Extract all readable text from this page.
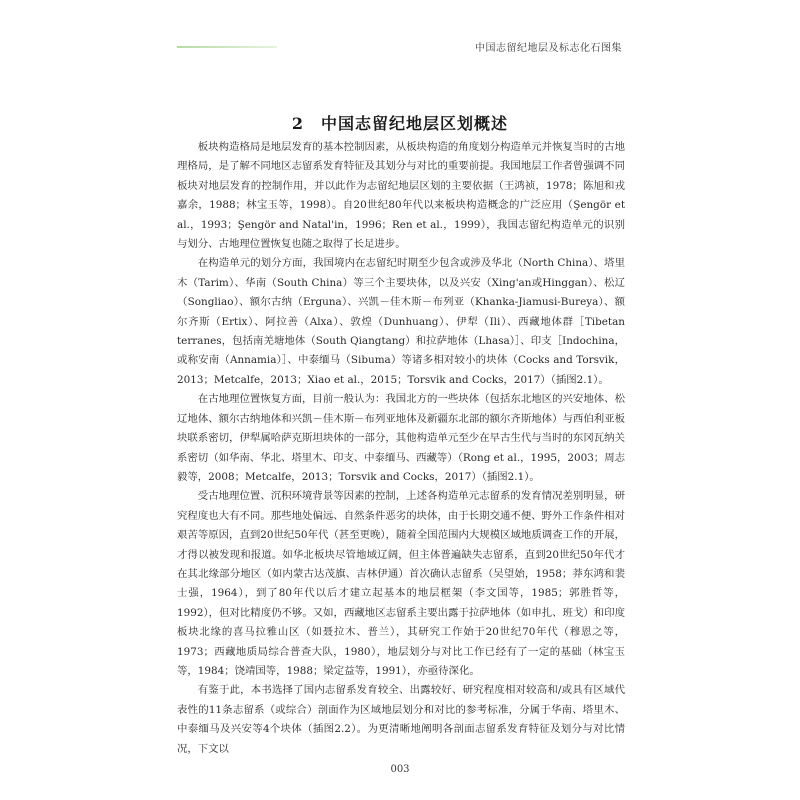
中国志留纪地层及标志化石图集
2　中国志留纪地层区划概述

板块构造格局是地层发育的基本控制因素，从板块构造的角度划分构造单元并恢复当时的古地理格局，是了解不同地区志留系发育特征及其划分与对比的重要前提。我国地层工作者曾强调不同板块对地层发育的控制作用，并以此作为志留纪地层区划的主要依据（王鸿祯，1978；陈旭和戎嘉余，1988；林宝玉等，1998）。自20世纪80年代以来板块构造概念的广泛应用（Şengör et al.，1993；Şengör and Natal'in，1996；Ren et al.，1999），我国志留纪构造单元的识别与划分、古地理位置恢复也随之取得了长足进步。

在构造单元的划分方面，我国境内在志留纪时期至少包含或涉及华北（North China）、塔里木（Tarim）、华南（South China）等三个主要块体，以及兴安（Xing'an或Hinggan）、松辽（Songliao）、额尔古纳（Erguna）、兴凯－佳木斯－布列亚（Khanka-Jiamusi-Bureya）、额尔齐斯（Ertix）、阿拉善（Alxa）、敦煌（Dunhuang）、伊犁（Ili）、西藏地体群［Tibetan terranes，包括南羌塘地体（South Qiangtang）和拉萨地体（Lhasa）］、印支［Indochina，或称安南（Annamia）］、中泰缅马（Sibuma）等诸多相对较小的块体（Cocks and Torsvik，2013；Metcalfe，2013；Xiao et al.，2015；Torsvik and Cocks，2017）（插图2.1）。

在古地理位置恢复方面，目前一般认为：我国北方的一些块体（包括东北地区的兴安地体、松辽地体、额尔古纳地体和兴凯－佳木斯－布列亚地体及新疆东北部的额尔齐斯地体）与西伯利亚板块联系密切，伊犁属哈萨克斯坦块体的一部分，其他构造单元至少在早古生代与当时的东冈瓦纳关系密切（如华南、华北、塔里木、印支、中泰缅马、西藏等）（Rong et al.，1995，2003；周志毅等，2008；Metcalfe，2013；Torsvik and Cocks，2017）（插图2.1）。

受古地理位置、沉积环境背景等因素的控制，上述各构造单元志留系的发育情况差别明显，研究程度也大有不同。那些地处偏远、自然条件恶劣的块体，由于长期交通不便、野外工作条件相对艰苦等原因，直到20世纪50年代（甚至更晚），随着全国范围内大规模区域地质调查工作的开展，才得以被发现和报道。如华北板块尽管地域辽阔，但主体普遍缺失志留系，直到20世纪50年代才在其北缘部分地区（如内蒙古达茂旗、吉林伊通）首次确认志留系（吴望始，1958；莽东鸿和裴士强，1964），到了80年代以后才建立起基本的地层框架（李文国等，1985；郭胜哲等，1992），但对比精度仍不够。又如，西藏地区志留系主要出露于拉萨地体（如申扎、班戈）和印度板块北缘的喜马拉雅山区（如聂拉木、普兰），其研究工作始于20世纪70年代（穆恩之等，1973；西藏地质局综合普查大队，1980），地层划分与对比工作已经有了一定的基础（林宝玉等，1984；饶靖国等，1988；梁定益等，1991），亦亟待深化。

有鉴于此，本书选择了国内志留系发育较全、出露较好、研究程度相对较高和/或具有区域代表性的11条志留系（或综合）剖面作为区域地层划分和对比的参考标准，分属于华南、塔里木、中泰缅马及兴安等4个块体（插图2.2）。为更清晰地阐明各剖面志留系发育特征及划分与对比情况，下文以

003
